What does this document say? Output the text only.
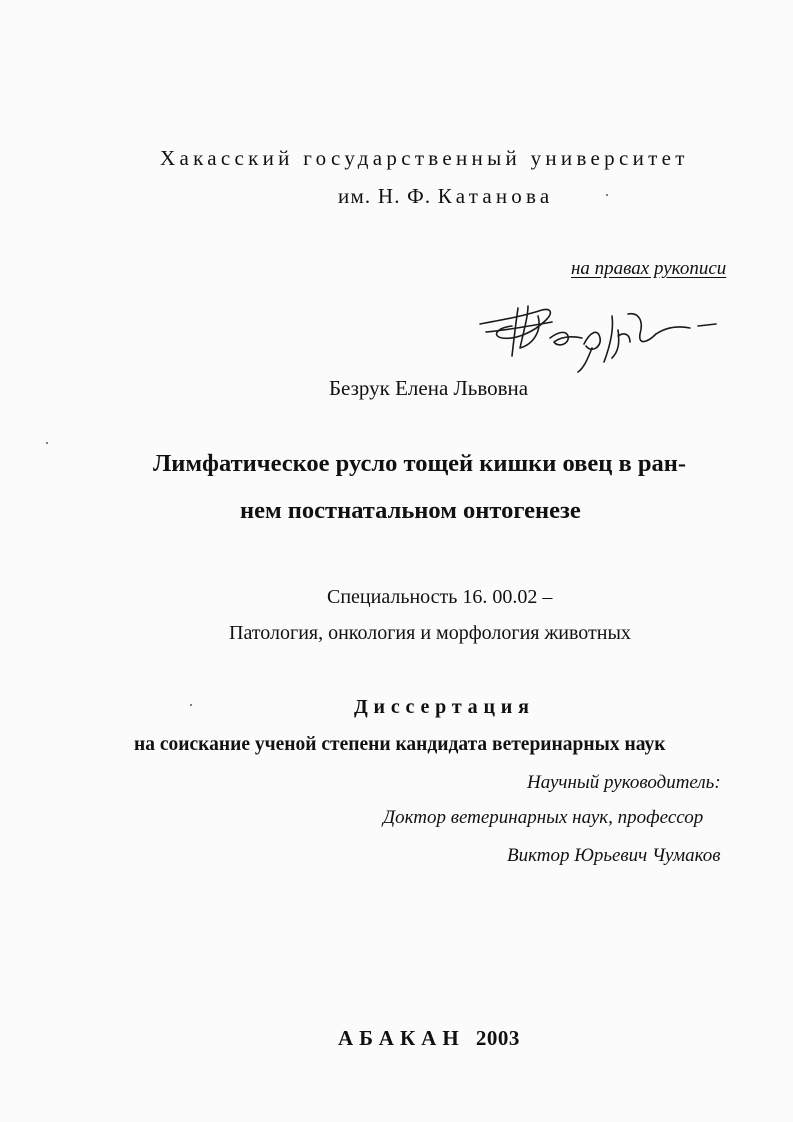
Хакасский государственный университет
им. Н. Ф. Катанова
на правах рукописи
Безрук Елена Львовна
Лимфатическое русло тощей кишки овец в ран-
нем постнатальном онтогенезе
Специальность 16. 00.02 –
Патология, онкология и морфология животных
Диссертация
на соискание ученой степени кандидата ветеринарных наук
Научный руководитель:
Доктор ветеринарных наук, профессор
Виктор Юрьевич Чумаков
АБАКАН 2003
